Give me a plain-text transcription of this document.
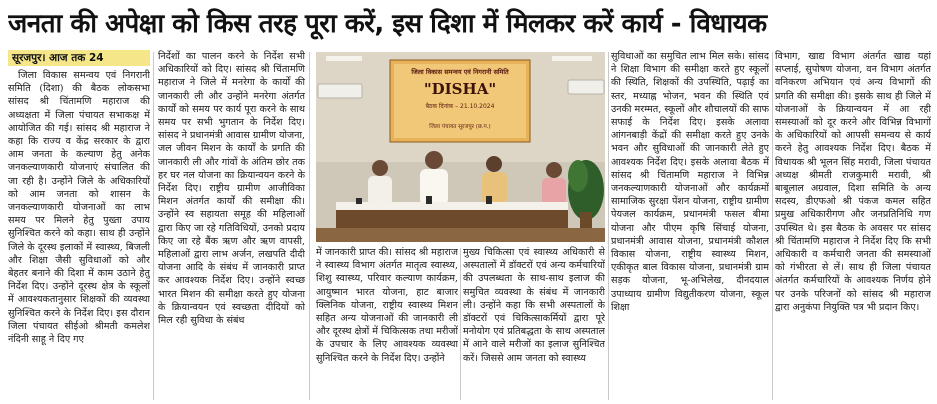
जनता की अपेक्षा को किस तरह पूरा करें, इस दिशा में मिलकर करें कार्य - विधायक
सूरजपुर। आज तक 24

जिला विकास समन्वय एवं निगरानी समिति (दिशा) की बैठक लोकसभा सांसद श्री चिंतामणि महाराज की अध्यक्षता में जिला पंचायत सभाकक्ष में आयोजित की गई। सांसद श्री महाराज ने कहा कि राज्य व केंद्र सरकार के द्वारा आम जनता के कल्याण हेतु अनेक जनकल्याणकारी योजनाएं संचालित की जा रही है। उन्होंने जिले के अधिकारियों को आम जनता को शासन के जनकल्याणकारी योजनाओं का लाभ समय पर मिलने हेतु पुख्ता उपाय सुनिश्चित करने को कहा। साथ ही उन्होंने जिले के दूरस्थ इलाकों में स्वास्थ्य, बिजली और शिक्षा जैसी सुविधाओं को और बेहतर बनाने की दिशा में काम उठाने हेतु निर्देश दिए। उन्होंने दूरस्थ क्षेत्र के स्कूलों में आवश्यकतानुसार शिक्षकों की व्यवस्था सुनिश्चित करने के निर्देश दिए। इस दौरान जिला पंचायत सीईओ श्रीमती कमलेश नंदिनी साहू ने दिए गए

निर्देशों का पालन करने के निर्देश सभी अधिकारियों को दिए। सांसद श्री चिंतामणि महाराज ने जिले में मनरेगा के कार्यों की जानकारी ली और उन्होंने मनरेगा अंतर्गत कार्यों को समय पर कार्य पूरा करने के साथ समय पर सभी भुगतान के निर्देश दिए। सांसद ने प्रधानमंत्री आवास ग्रामीण योजना, जल जीवन मिशन के कार्यों के प्रगति की जानकारी ली और गांवों के अंतिम छोर तक हर घर नल योजना का क्रियान्वयन करने के निर्देश दिए। राष्ट्रीय ग्रामीण आजीविका मिशन अंतर्गत कार्यों की समीक्षा की। उन्होंने स्व सहायता समूह की महिलाओं द्वारा किए जा रहे गतिविधियों, उनको प्रदाय किए जा रहे बैंक ऋण और ऋण वापसी, महिलाओं द्वारा लाभ अर्जन, लखपति दीदी योजना आदि के संबंध में जानकारी प्राप्त कर आवश्यक निर्देश दिए। उन्होंने स्वच्छ भारत मिशन की समीक्षा करते हुए योजना के क्रियान्वयन एवं स्वच्छता दीदियों को मिल रही सुविधा के संबंध

जिला विकास समन्वय एवं निगरानी समिति
"DISHA"
बैठक दिनांक – 21.10.2024
जिला पंचायत सूरजपुर (छ.ग.)

में जानकारी प्राप्त की। सांसद श्री महाराज ने स्वास्थ्य विभाग अंतर्गत मातृत्व स्वास्थ्य, शिशु स्वास्थ्य, परिवार कल्याण कार्यक्रम, आयुष्मान भारत योजना, हाट बाजार क्लिनिक योजना, राष्ट्रीय स्वास्थ्य मिशन सहित अन्य योजनाओं की जानकारी ली और दूरस्थ क्षेत्रों में चिकित्सक तथा मरीजों के उपचार के लिए आवश्यक व्यवस्था सुनिश्चित करने के निर्देश दिए। उन्होंने

मुख्य चिकित्सा एवं स्वास्थ्य अधिकारी से अस्पतालों में डॉक्टरों एवं अन्य कर्मचारियों की उपलब्धता के साथ-साथ इलाज की समुचित व्यवस्था के संबंध में जानकारी ली। उन्होंने कहा कि सभी अस्पतालों के डॉक्टरों एवं चिकित्साकर्मियों द्वारा पूरे मनोयोग एवं प्रतिबद्धता के साथ अस्पताल में आने वाले मरीजों का इलाज सुनिश्चित करें। जिससे आम जनता को स्वास्थ्य

सुविधाओं का समुचित लाभ मिल सके। सांसद ने शिक्षा विभाग की समीक्षा करते हुए स्कूलों की स्थिति, शिक्षकों की उपस्थिति, पढ़ाई का स्तर, मध्याह्न भोजन, भवन की स्थिति एवं उनकी मरम्मत, स्कूलों और शौचालयों की साफ सफाई के निर्देश दिए। इसके अलावा आंगनबाड़ी केंद्रों की समीक्षा करते हुए उनके भवन और सुविधाओं की जानकारी लेते हुए आवश्यक निर्देश दिए। इसके अलावा बैठक में सांसद श्री चिंतामणि महाराज ने विभिन्न जनकल्याणकारी योजनाओं और कार्यक्रमों सामाजिक सुरक्षा पेंशन योजना, राष्ट्रीय ग्रामीण पेयजल कार्यक्रम, प्रधानमंत्री फसल बीमा योजना और पीएम कृषि सिंचाई योजना, प्रधानमंत्री आवास योजना, प्रधानमंत्री कौशल विकास योजना, राष्ट्रीय स्वास्थ्य मिशन, एकीकृत बाल विकास योजना, प्रधानमंत्री ग्राम सड़क योजना, भू-अभिलेख, दीनदयाल उपाध्याय ग्रामीण विद्युतीकरण योजना, स्कूल शिक्षा

विभाग, खाद्य विभाग अंतर्गत खाद्य यहां सप्लाई, सुपोषण योजना, वन विभाग अंतर्गत वनिकरण अभियान एवं अन्य विभागों की प्रगति की समीक्षा की। इसके साथ ही जिले में योजनाओं के क्रियान्वयन में आ रही समस्याओं को दूर करने और विभिन्न विभागों के अधिकारियों को आपसी समन्वय से कार्य करने हेतु आवश्यक निर्देश दिए। बैठक में विधायक श्री भूलन सिंह मरावी, जिला पंचायत अध्यक्ष श्रीमती राजकुमारी मरावी, श्री बाबूलाल अग्रवाल, दिशा समिति के अन्य सदस्य, डीएफओ श्री पंकज कमल सहित प्रमुख अधिकारीगण और जनप्रतिनिधि गण उपस्थित थे। इस बैठक के अवसर पर सांसद श्री चिंतामणि महाराज ने निर्देश दिए कि सभी अधिकारी व कर्मचारी जनता की समस्याओं को गंभीरता से लें। साथ ही जिला पंचायत अंतर्गत कर्मचारियों के आवश्यक निर्णय होने पर उनके परिजनों को सांसद श्री महाराज द्वारा अनुकंपा नियुक्ति पत्र भी प्रदान किए।
